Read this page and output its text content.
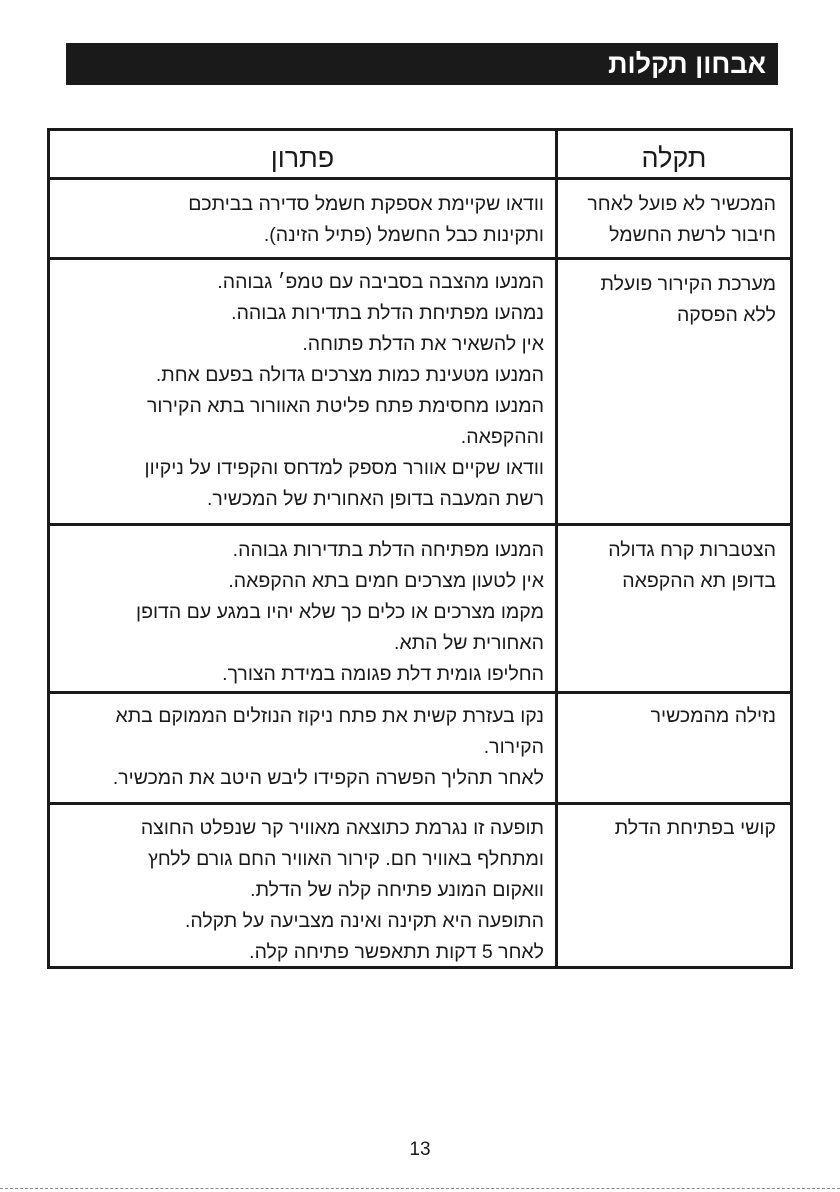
אבחון תקלות
תקלה
פתרון
המכשיר לא פועל לאחר
חיבור לרשת החשמל
וודאו שקיימת אספקת חשמל סדירה בביתכם
ותקינות כבל החשמל (פתיל הזינה).
מערכת הקירור פועלת
ללא הפסקה
המנעו מהצבה בסביבה עם טמפ׳ גבוהה.
נמהעו מפתיחת הדלת בתדירות גבוהה.
אין להשאיר את הדלת פתוחה.
המנעו מטעינת כמות מצרכים גדולה בפעם אחת.
המנעו מחסימת פתח פליטת האוורור בתא הקירור
וההקפאה.
וודאו שקיים אוורר מספק למדחס והקפידו על ניקיון
רשת המעבה בדופן האחורית של המכשיר.
הצטברות קרח גדולה
בדופן תא ההקפאה
המנעו מפתיחה הדלת בתדירות גבוהה.
אין לטעון מצרכים חמים בתא ההקפאה.
מקמו מצרכים או כלים כך שלא יהיו במגע עם הדופן
האחורית של התא.
החליפו גומית דלת פגומה במידת הצורך.
נזילה מהמכשיר
נקו בעזרת קשית את פתח ניקוז הנוזלים הממוקם בתא
הקירור.
לאחר תהליך הפשרה הקפידו ליבש היטב את המכשיר.
קושי בפתיחת הדלת
תופעה זו נגרמת כתוצאה מאוויר קר שנפלט החוצה
ומתחלף באוויר חם. קירור האוויר החם גורם ללחץ
וואקום המונע פתיחה קלה של הדלת.
התופעה היא תקינה ואינה מצביעה על תקלה.
לאחר 5 דקות תתאפשר פתיחה קלה.
13
